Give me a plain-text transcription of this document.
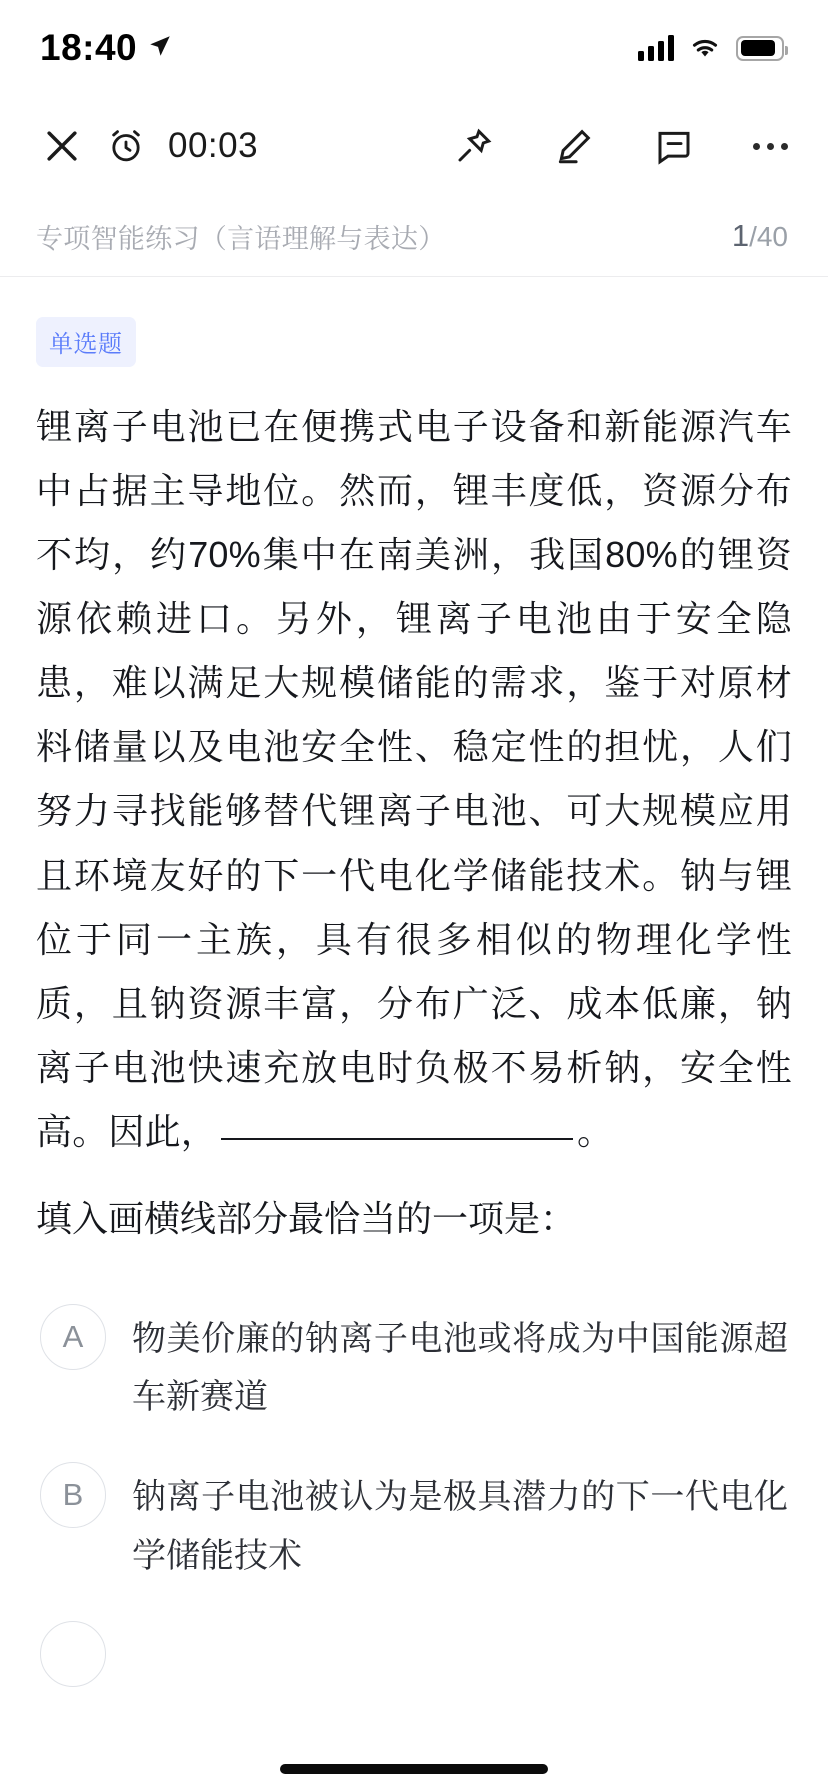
18:40
00:03
专项智能练习（言语理解与表达）	1/40
单选题
锂离子电池已在便携式电子设备和新能源汽车中占据主导地位。然而，锂丰度低，资源分布不均，约70%集中在南美洲，我国80%的锂资源依赖进口。另外，锂离子电池由于安全隐患，难以满足大规模储能的需求，鉴于对原材料储量以及电池安全性、稳定性的担忧，人们努力寻找能够替代锂离子电池、可大规模应用且环境友好的下一代电化学储能技术。钠与锂位于同一主族，具有很多相似的物理化学性质，且钠资源丰富，分布广泛、成本低廉，钠离子电池快速充放电时负极不易析钠，安全性高。因此，	。
填入画横线部分最恰当的一项是：
A	物美价廉的钠离子电池或将成为中国能源超车新赛道
B	钠离子电池被认为是极具潜力的下一代电化学储能技术
